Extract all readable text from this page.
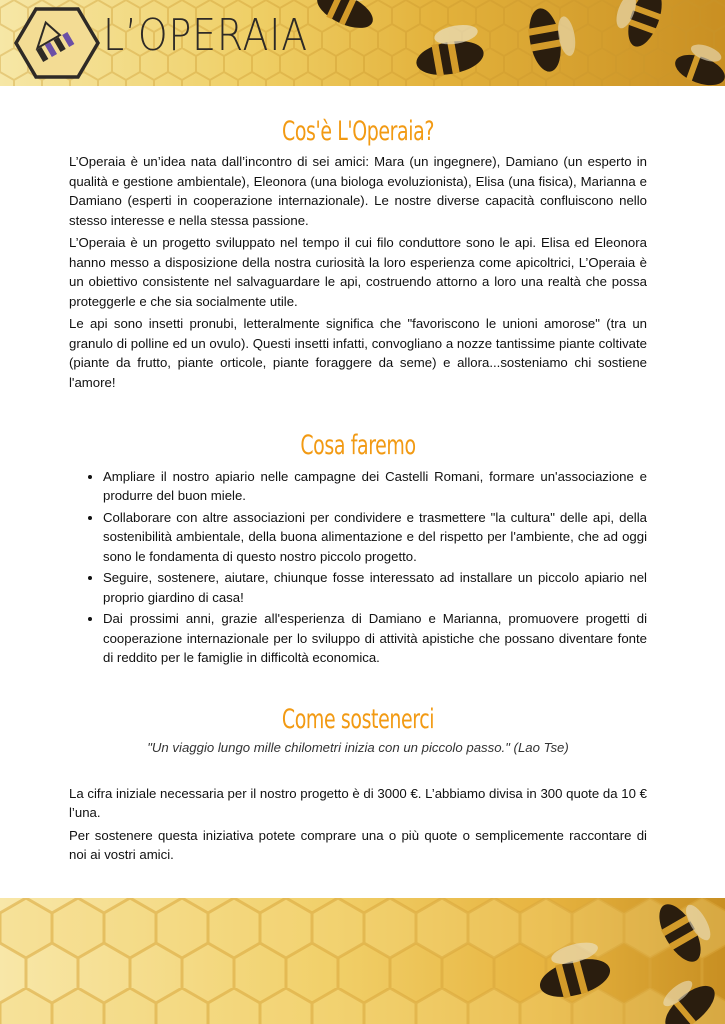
L’OPERAIA
Cos'è L'Operaia?

L’Operaia è un’idea nata dall’incontro di sei amici: Mara (un ingegnere), Damiano (un esperto in qualità e gestione ambientale), Eleonora (una biologa evoluzionista), Elisa (una fisica), Marianna e Damiano (esperti in cooperazione internazionale). Le nostre diverse capacità confluiscono nello stesso interesse e nella stessa passione.

L’Operaia è un progetto sviluppato nel tempo il cui filo conduttore sono le api. Elisa ed Eleonora hanno messo a disposizione della nostra curiosità la loro esperienza come apicoltrici, L’Operaia è un obiettivo consistente nel salvaguardare le api, costruendo attorno a loro una realtà che possa proteggerle e che sia socialmente utile.

Le api sono insetti pronubi, letteralmente significa che "favoriscono le unioni amorose" (tra un granulo di polline ed un ovulo). Questi insetti infatti, convogliano a nozze tantissime piante coltivate (piante da frutto, piante orticole, piante foraggere da seme) e allora...sosteniamo chi sostiene l'amore!

Cosa faremo
• Ampliare il nostro apiario nelle campagne dei Castelli Romani, formare un'associazione e produrre del buon miele.
• Collaborare con altre associazioni per condividere e trasmettere "la cultura" delle api, della sostenibilità ambientale, della buona alimentazione e del rispetto per l'ambiente, che ad oggi sono le fondamenta di questo nostro piccolo progetto.
• Seguire, sostenere, aiutare, chiunque fosse interessato ad installare un piccolo apiario nel proprio giardino di casa!
• Dai prossimi anni, grazie all'esperienza di Damiano e Marianna, promuovere progetti di cooperazione internazionale per lo sviluppo di attività apistiche che possano diventare fonte di reddito per le famiglie in difficoltà economica.
Come sostenerci
"Un viaggio lungo mille chilometri inizia con un piccolo passo." (Lao Tse)

La cifra iniziale necessaria per il nostro progetto è di 3000 €. L’abbiamo divisa in 300 quote da 10 € l’una.

Per sostenere questa iniziativa potete comprare una o più quote o semplicemente raccontare di noi ai vostri amici.
